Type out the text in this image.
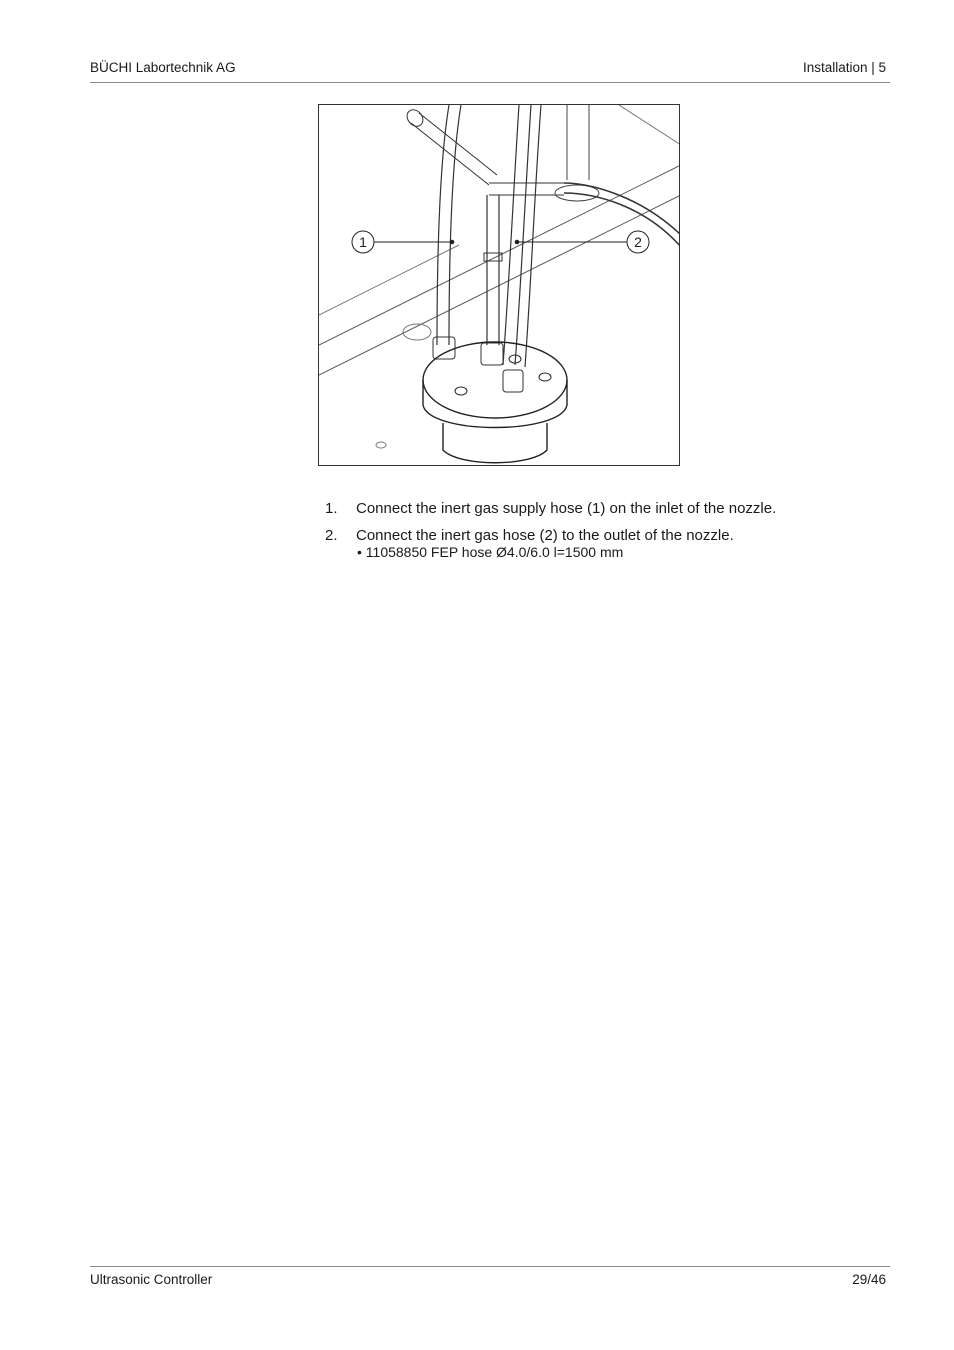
BÜCHI Labortechnik AG	Installation | 5
1	2
1.	Connect the inert gas supply hose (1) on the inlet of the nozzle.
2.	Connect the inert gas hose (2) to the outlet of the nozzle.
• 11058850 FEP hose Ø4.0/6.0 l=1500 mm
Ultrasonic Controller	29/46
